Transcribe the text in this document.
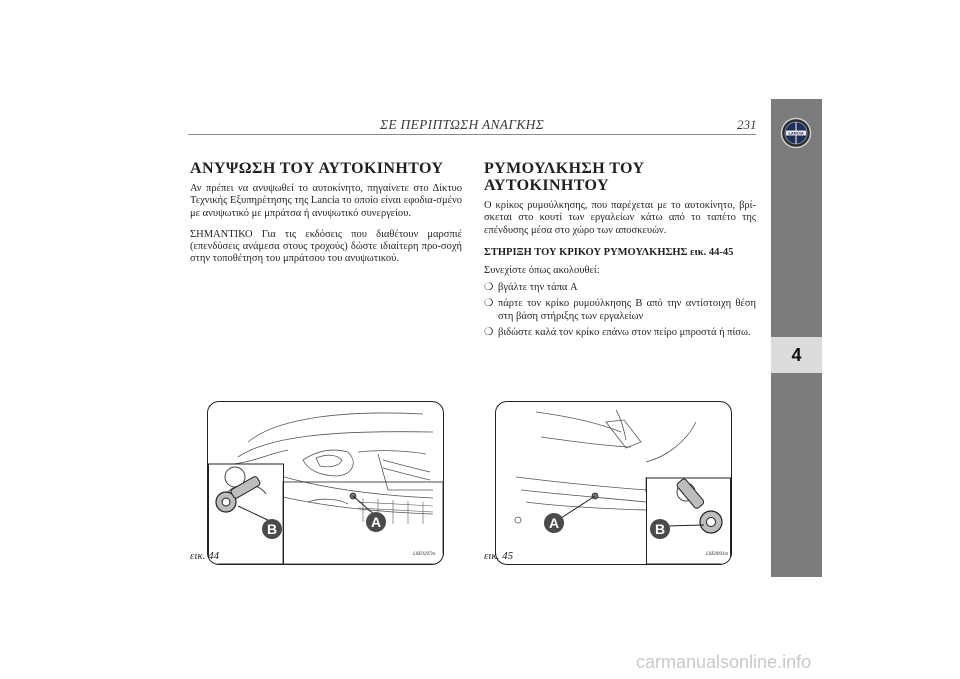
ΣΕ ΠΕΡΙΠΤΩΣΗ ΑΝΑΓΚΗΣ	231
LANCIA
4
ΑΝΥΨΩΣΗ ΤΟΥ ΑΥΤΟΚΙΝΗΤΟΥ

Αν πρέπει να ανυψωθεί το αυτοκίνητο, πηγαίνετε στο Δίκτυο Τεχνικής Εξυπηρέτησης της Lancia το οποίο είναι εφοδια-σμένο με ανυψωτικό με μπράτσα ή ανυψωτικό συνεργείου.

ΣΗΜΑΝΤΙΚΟ Για τις εκδόσεις που διαθέτουν μαρσπιέ (επενδύσεις ανάμεσα στους τροχούς) δώστε ιδιαίτερη προ-σοχή στην τοποθέτηση του μπράτσου του ανυψωτικού.

ΡΥΜΟΥΛΚΗΣΗ ΤΟΥ ΑΥΤΟΚΙΝΗΤΟΥ

Ο κρίκος ρυμούλκησης, που παρέχεται με το αυτοκίνητο, βρί-σκεται στο κουτί των εργαλείων κάτω από το ταπέτο της επένδυσης μέσα στο χώρο των αποσκευών.

ΣΤΗΡΙΞΗ ΤΟΥ ΚΡΙΚΟΥ ΡΥΜΟΥΛΚΗΣΗΣ εικ. 44-45

Συνεχίστε όπως ακολουθεί:

❍ βγάλτε την τάπα A
❍ πάρτε τον κρίκο ρυμούλκησης B από την αντίστοιχη θέση στη βάση στήριξης των εργαλείων
❍ βιδώστε καλά τον κρίκο επάνω στον πείρο μπροστά ή πίσω.
A
B
εικ. 44	L0E0297m
A	B
εικ. 45	L0E0091m
carmanualsonline.info
